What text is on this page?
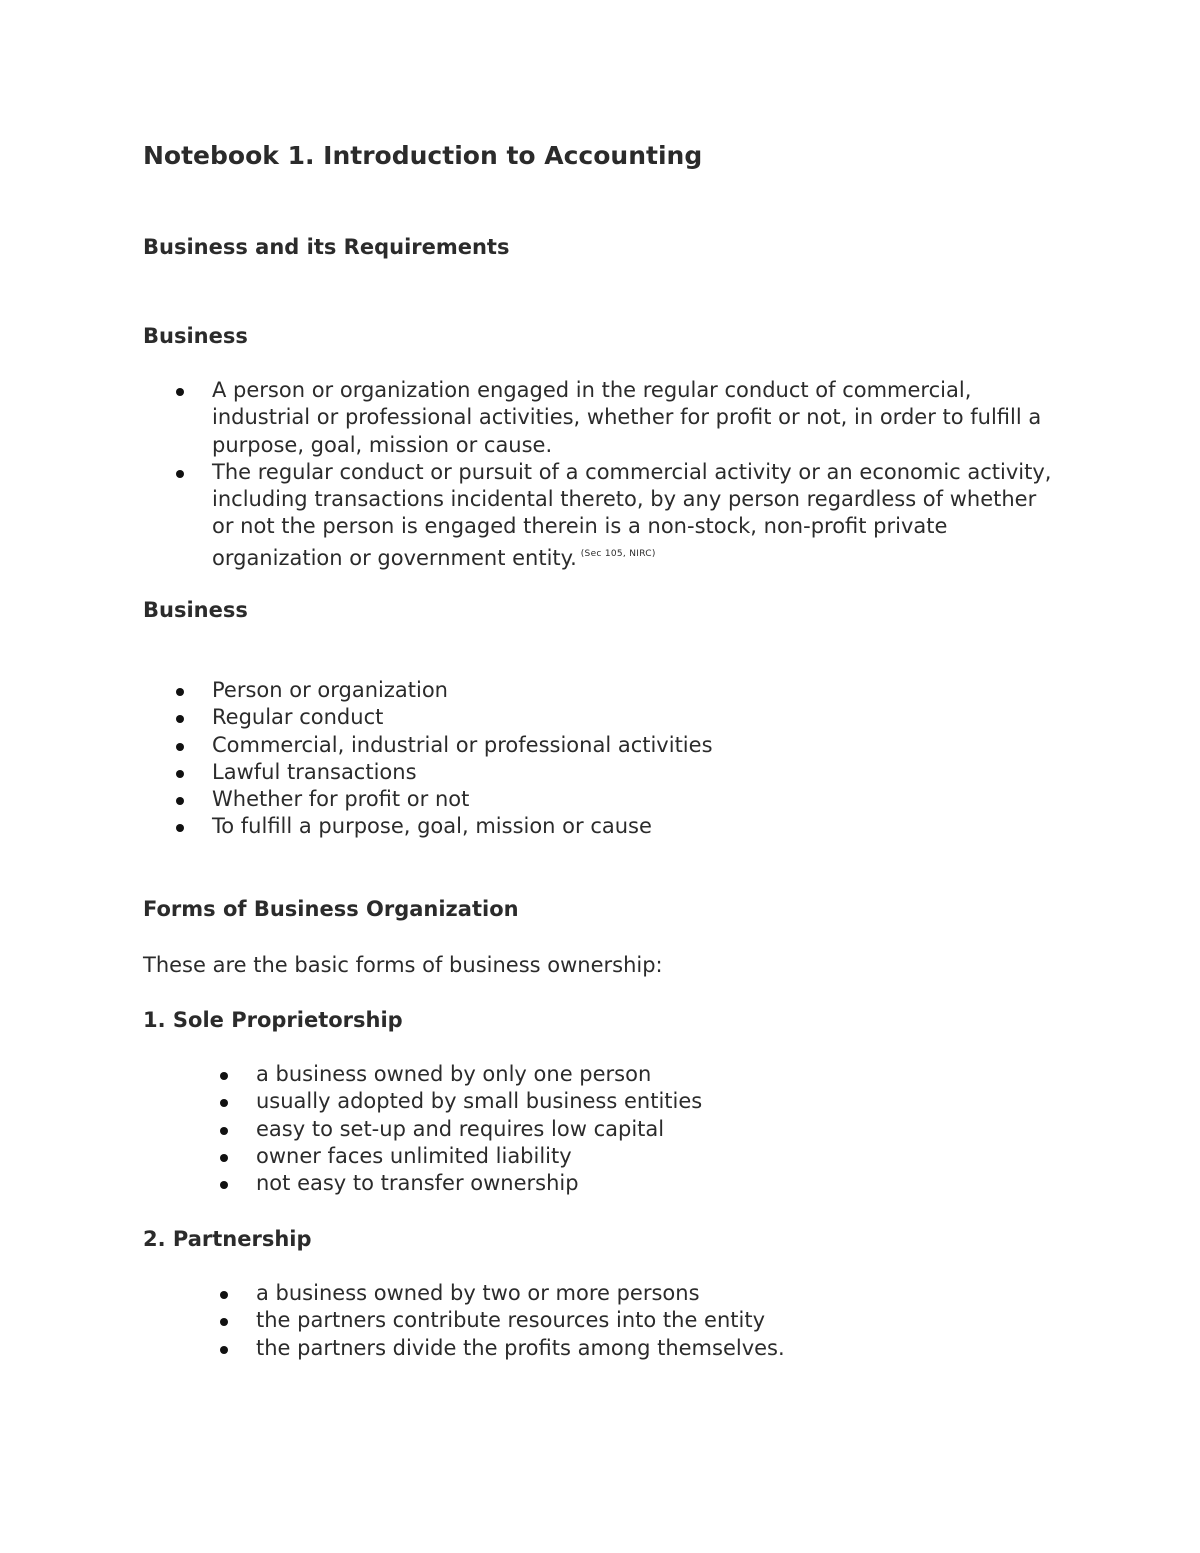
Notebook 1. Introduction to Accounting
Business and its Requirements
Business
A person or organization engaged in the regular conduct of commercial, industrial or professional activities, whether for profit or not, in order to fulfill a purpose, goal, mission or cause.
The regular conduct or pursuit of a commercial activity or an economic activity, including transactions incidental thereto, by any person regardless of whether or not the person is engaged therein is a non-stock, non-profit private organization or government entity. $^{(Sec 105, NIRC)}$
Business
Person or organization
Regular conduct
Commercial, industrial or professional activities
Lawful transactions
Whether for profit or not
To fulfill a purpose, goal, mission or cause
Forms of Business Organization

These are the basic forms of business ownership:

1. Sole Proprietorship
a business owned by only one person
usually adopted by small business entities
easy to set-up and requires low capital
owner faces unlimited liability
not easy to transfer ownership
2. Partnership
a business owned by two or more persons
the partners contribute resources into the entity
the partners divide the profits among themselves.
